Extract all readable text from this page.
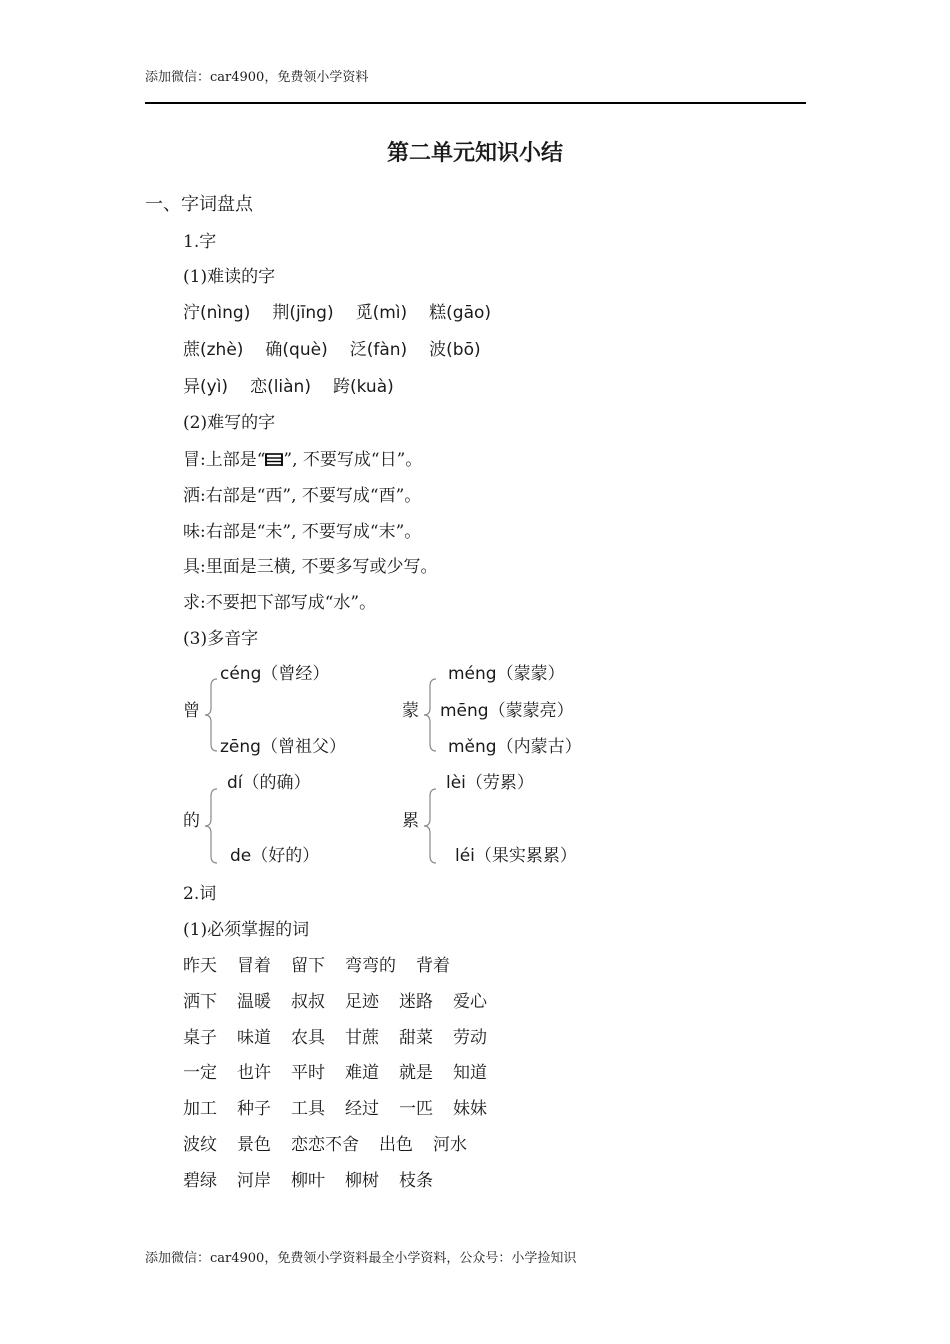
添加微信：car4900，免费领小学资料
第二单元知识小结
一、字词盘点
1.字
(1)难读的字
泞(nìng) 荆(jīng) 觅(mì) 糕(gāo)
蔗(zhè) 确(què) 泛(fàn) 波(bō)
异(yì) 恋(liàn) 跨(kuà)
(2)难写的字
冒:上部是“ ”, 不要写成“日”。
洒:右部是“西”, 不要写成“酉”。
味:右部是“未”, 不要写成“末”。
具:里面是三横, 不要多写或少写。
求:不要把下部写成“水”。
(3)多音字
曾
céng（曾经）
zēng（曾祖父）
蒙
méng（蒙蒙）
mēng（蒙蒙亮）
měng（内蒙古）
的
dí（的确）
de（好的）
累
lèi（劳累）
léi（果实累累）
2.词
(1)必须掌握的词
昨天 冒着 留下 弯弯的 背着
洒下 温暖 叔叔 足迹 迷路 爱心
桌子 味道 农具 甘蔗 甜菜 劳动
一定 也许 平时 难道 就是 知道
加工 种子 工具 经过 一匹 妹妹
波纹 景色 恋恋不舍 出色 河水
碧绿 河岸 柳叶 柳树 枝条
添加微信：car4900，免费领小学资料最全小学资料，公众号：小学捡知识
